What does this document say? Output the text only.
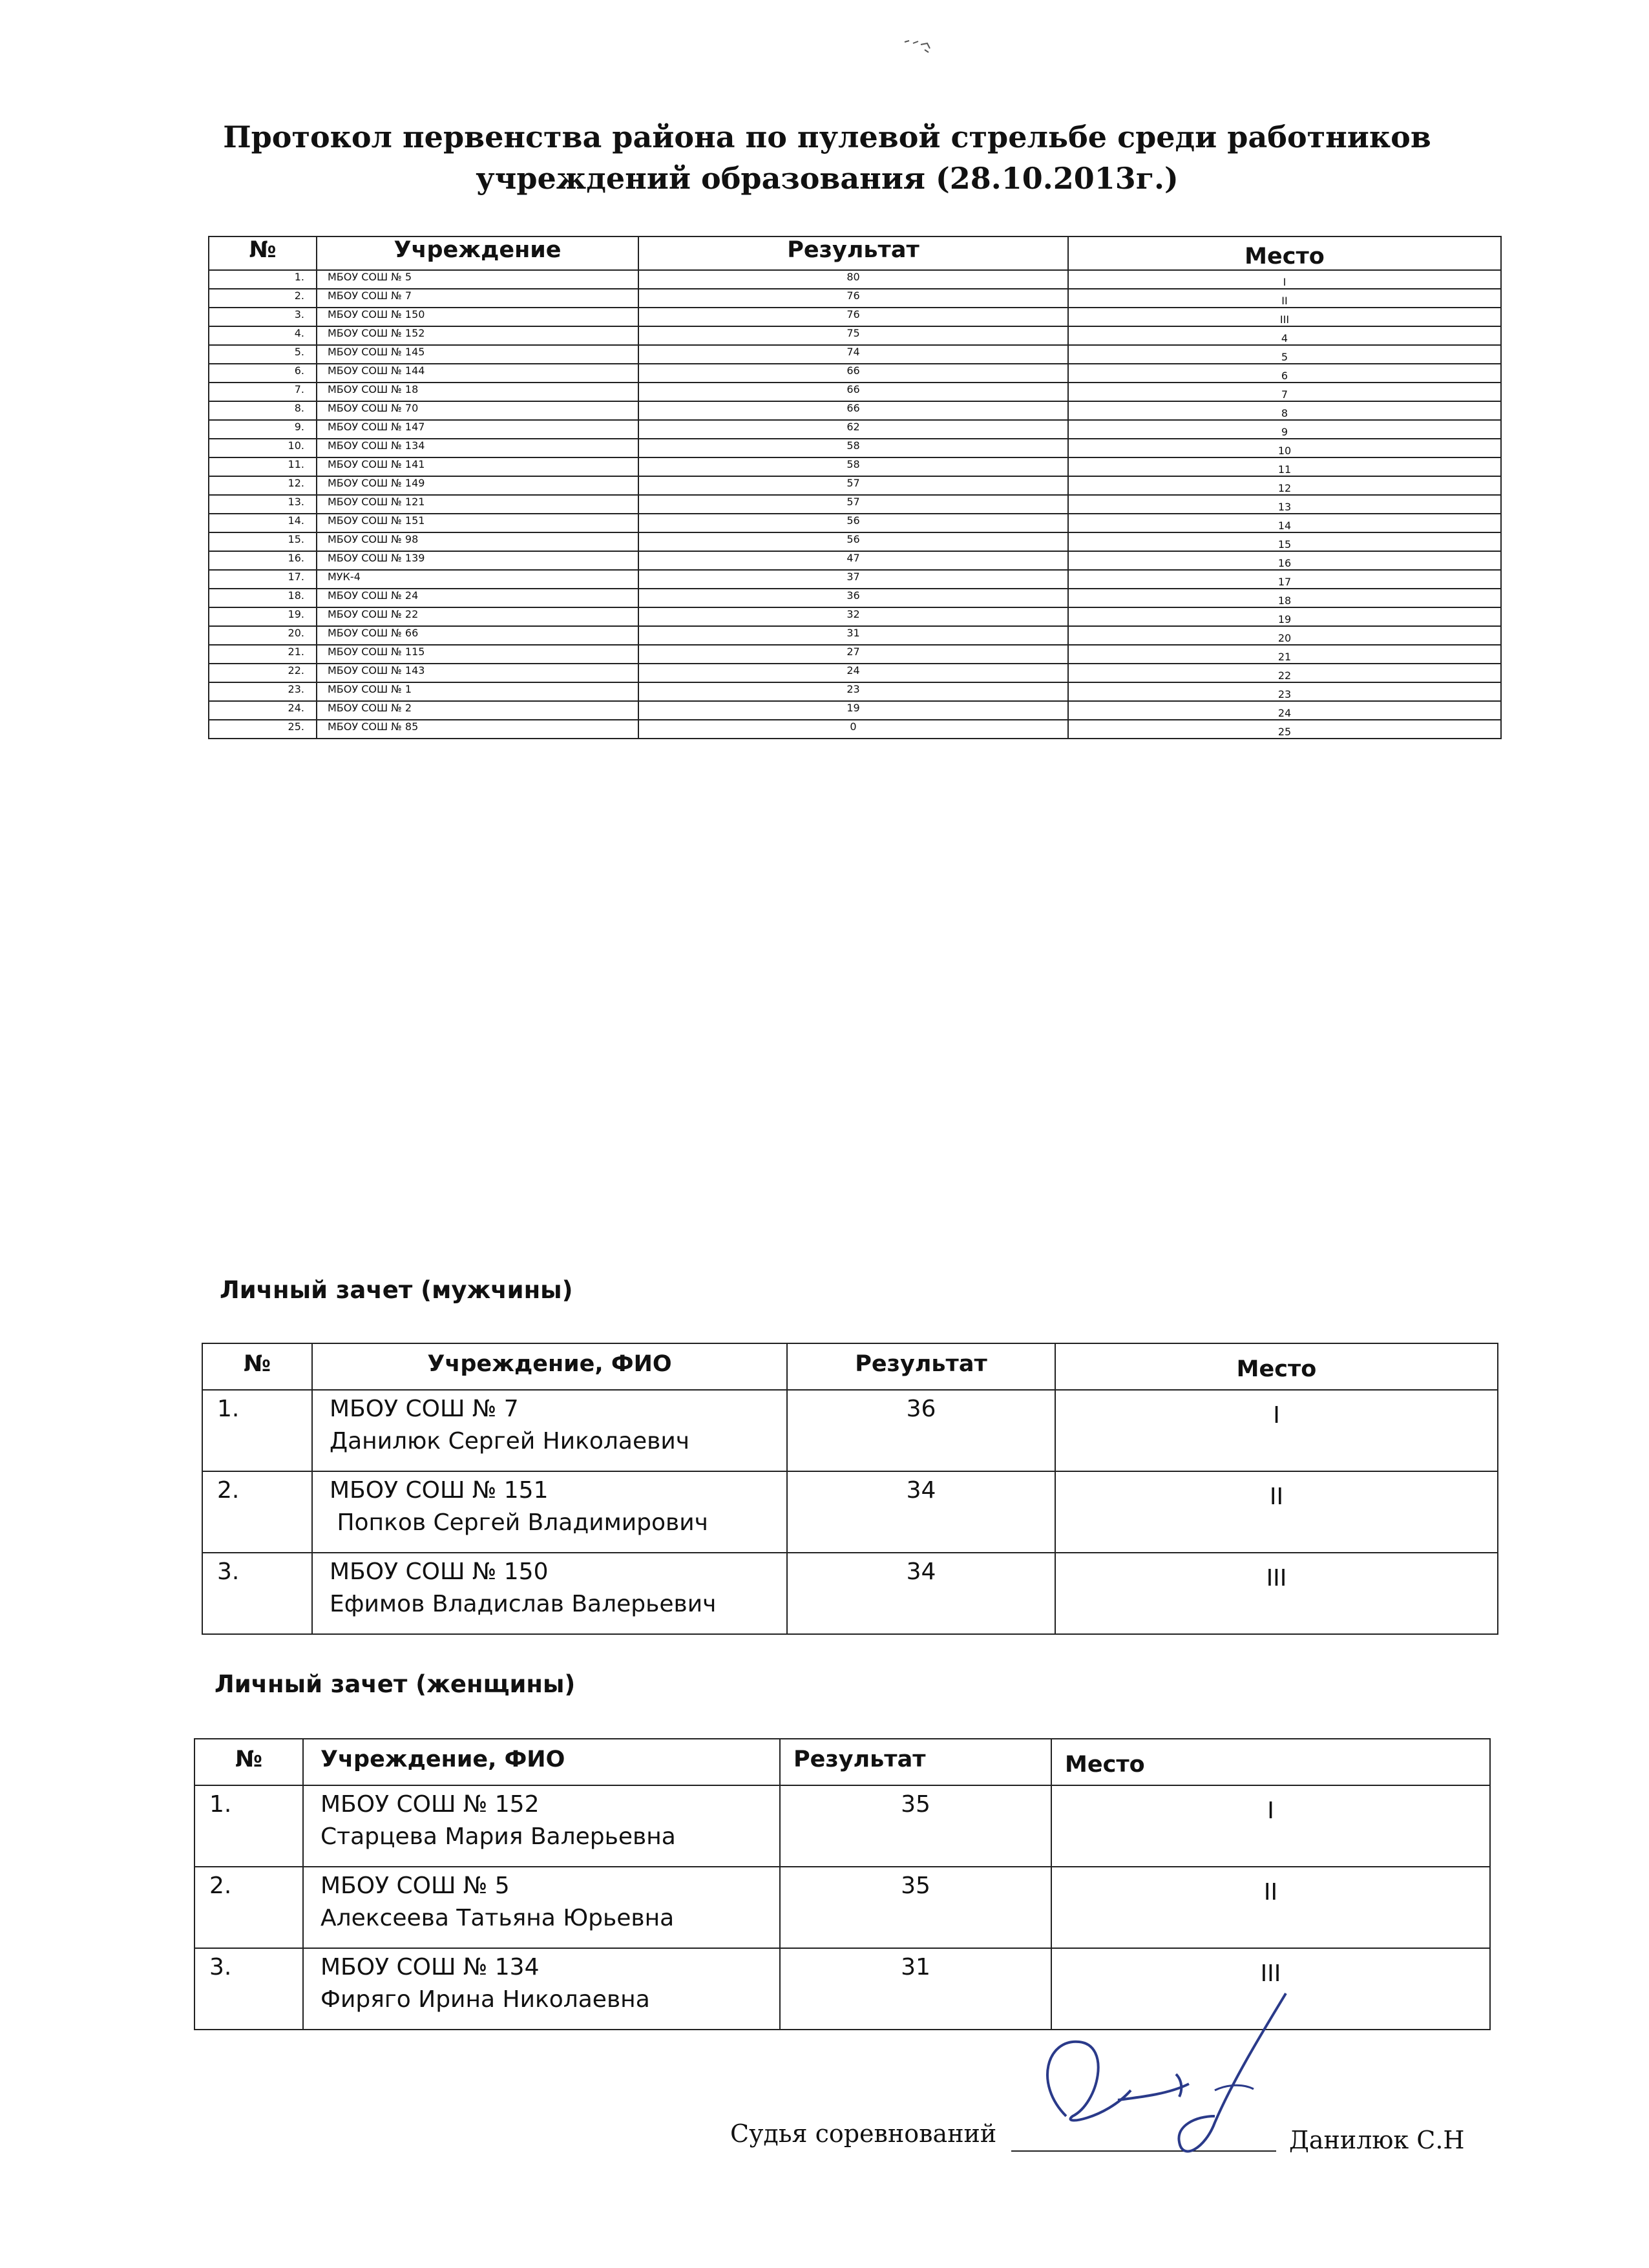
Протокол первенства района по пулевой стрельбе среди работников учреждений образования (28.10.2013г.)
№	Учреждение	Результат	Место
1.	МБОУ СОШ № 5	80	I
2.	МБОУ СОШ № 7	76	II
3.	МБОУ СОШ № 150	76	III
4.	МБОУ СОШ № 152	75	4
5.	МБОУ СОШ № 145	74	5
6.	МБОУ СОШ № 144	66	6
7.	МБОУ СОШ № 18	66	7
8.	МБОУ СОШ № 70	66	8
9.	МБОУ СОШ № 147	62	9
10.	МБОУ СОШ № 134	58	10
11.	МБОУ СОШ № 141	58	11
12.	МБОУ СОШ № 149	57	12
13.	МБОУ СОШ № 121	57	13
14.	МБОУ СОШ № 151	56	14
15.	МБОУ СОШ № 98	56	15
16.	МБОУ СОШ № 139	47	16
17.	МУК-4	37	17
18.	МБОУ СОШ № 24	36	18
19.	МБОУ СОШ № 22	32	19
20.	МБОУ СОШ № 66	31	20
21.	МБОУ СОШ № 115	27	21
22.	МБОУ СОШ № 143	24	22
23.	МБОУ СОШ № 1	23	23
24.	МБОУ СОШ № 2	19	24
25.	МБОУ СОШ № 85	0	25
Личный зачет (мужчины)
№	Учреждение, ФИО	Результат	Место
1.	МБОУ СОШ № 7
Данилюк Сергей Николаевич	36	I
2.	МБОУ СОШ № 151
Попков Сергей Владимирович	34	II
3.	МБОУ СОШ № 150
Ефимов Владислав Валерьевич	34	III
Личный зачет (женщины)
№	Учреждение, ФИО	Результат	Место
1.	МБОУ СОШ № 152
Старцева Мария Валерьевна	35	I
2.	МБОУ СОШ № 5
Алексеева Татьяна Юрьевна	35	II
3.	МБОУ СОШ № 134
Фиряго Ирина Николаевна	31	III
Судья соревнований	Данилюк С.Н
